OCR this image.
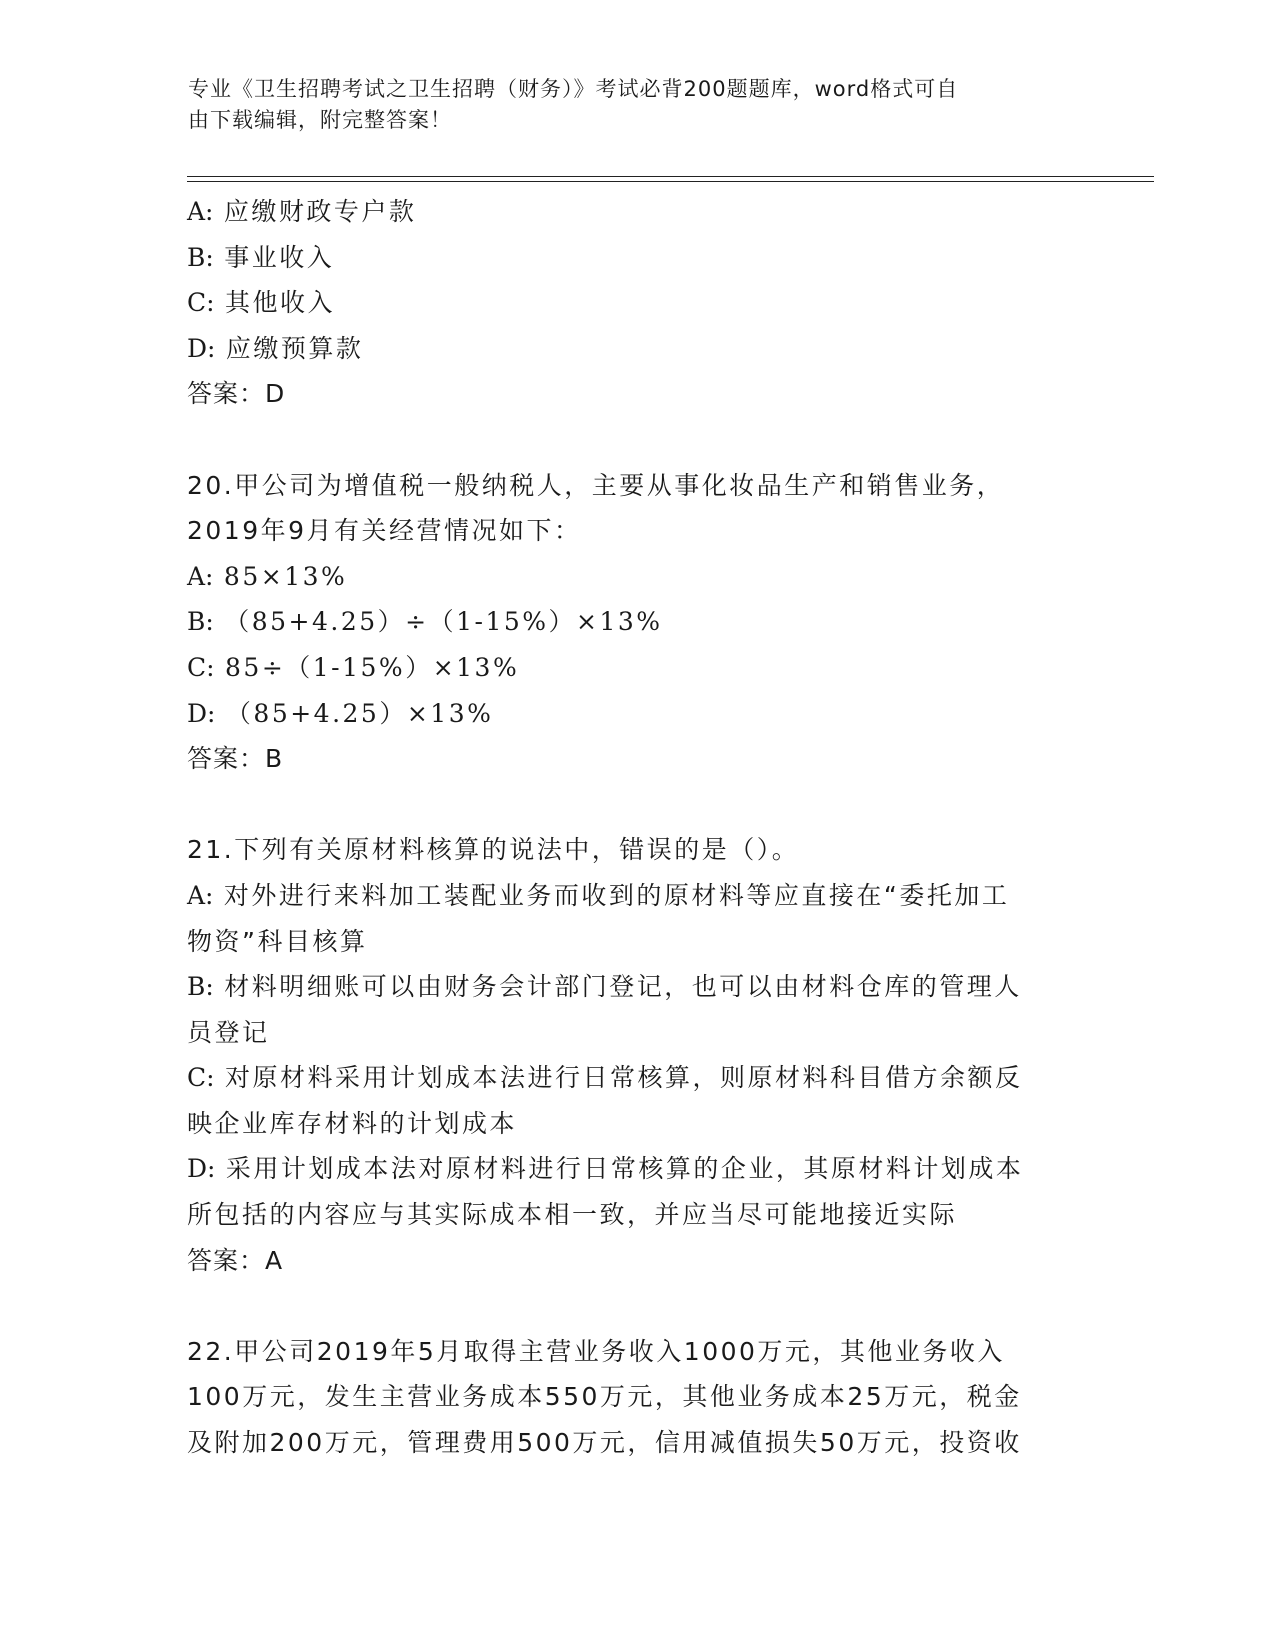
专业《卫生招聘考试之卫生招聘（财务）》考试必背200题题库，word格式可自
由下载编辑，附完整答案！
A: 应缴财政专户款
B: 事业收入
C: 其他收入
D: 应缴预算款
答案：D
20.甲公司为增值税一般纳税人，主要从事化妆品生产和销售业务，
2019年9月有关经营情况如下：
A: 85×13%
B: （85+4.25）÷（1-15%）×13%
C: 85÷（1-15%）×13%
D: （85+4.25）×13%
答案：B
21.下列有关原材料核算的说法中，错误的是（）。
A: 对外进行来料加工装配业务而收到的原材料等应直接在“委托加工
物资”科目核算
B: 材料明细账可以由财务会计部门登记，也可以由材料仓库的管理人
员登记
C: 对原材料采用计划成本法进行日常核算，则原材料科目借方余额反
映企业库存材料的计划成本
D: 采用计划成本法对原材料进行日常核算的企业，其原材料计划成本
所包括的内容应与其实际成本相一致，并应当尽可能地接近实际
答案：A
22.甲公司2019年5月取得主营业务收入1000万元，其他业务收入
100万元，发生主营业务成本550万元，其他业务成本25万元，税金
及附加200万元，管理费用500万元，信用减值损失50万元，投资收
